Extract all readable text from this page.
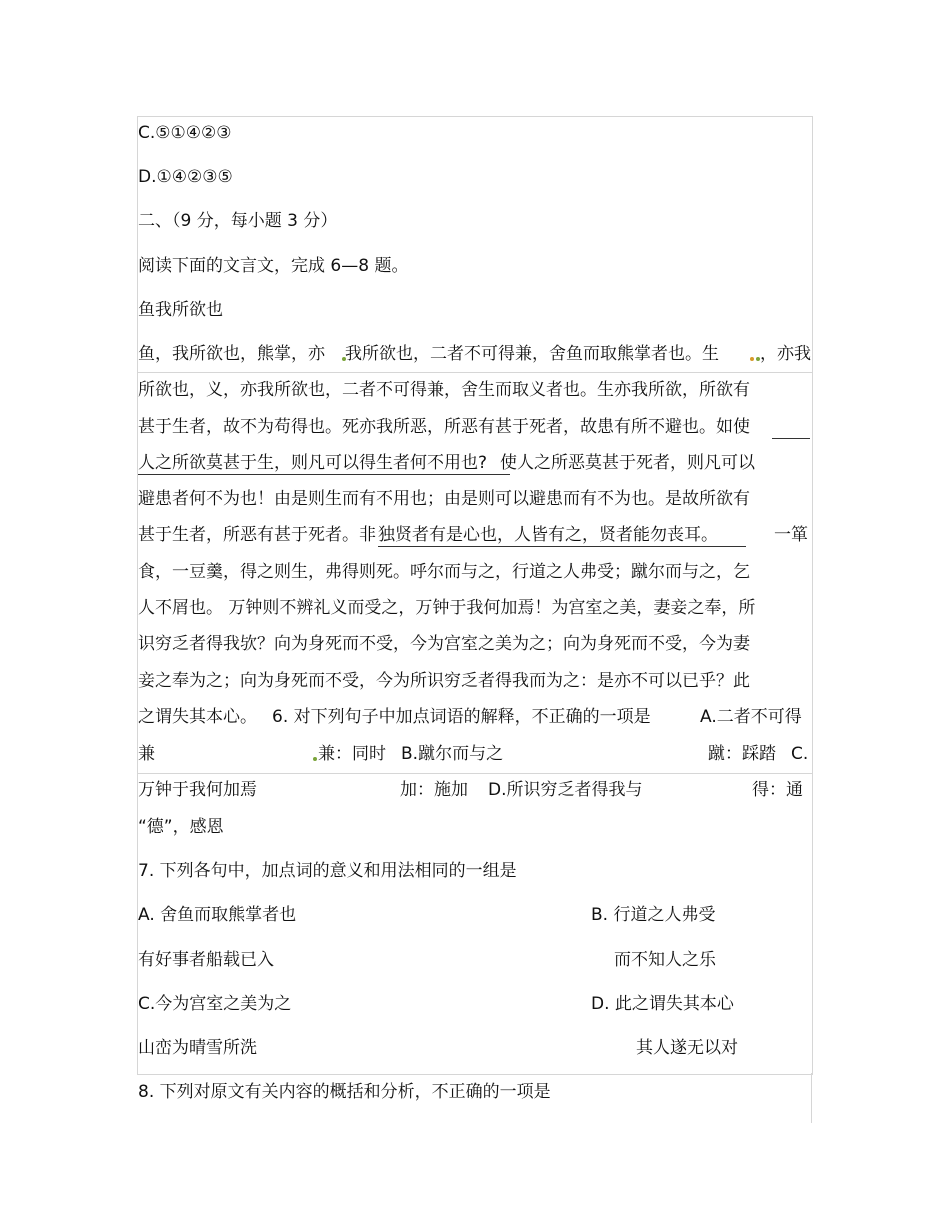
C.⑤①④②③
D.①④②③⑤
二、（9 分，每小题 3 分）
阅读下面的文言文，完成 6—8 题。
鱼我所欲也
鱼，我所欲也，熊掌，亦 我所欲也，二者不可得兼，舍鱼而取熊掌者也。生 ，亦我
所欲也，义，亦我所欲也，二者不可得兼，舍生而取义者也。生亦我所欲，所欲有
甚于生者，故不为苟得也。死亦我所恶，所恶有甚于死者，故患有所不避也。如使
人之所欲莫甚于生，则凡可以得生者何不用也? 使人之所恶莫甚于死者，则凡可以
避患者何不为也！由是则生而有不用也；由是则可以避患而有不为也。是故所欲有
甚于生者，所恶有甚于死者。非 独贤者有是心也，人皆有之，贤者能勿丧耳。	一箪
食，一豆羹，得之则生，弗得则死。呼尔而与之，行道之人弗受；蹴尔而与之，乞
人不屑也。 万钟则不辨礼义而受之，万钟于我何加焉！为宫室之美，妻妾之奉，所
识穷乏者得我欤？向为身死而不受，今为宫室之美为之；向为身死而不受，今为妻
妾之奉为之；向为身死而不受，今为所识穷乏者得我而为之：是亦不可以已乎？此
之谓失其本心。 6. 对下列句子中加点词语的解释，不正确的一项是	A.二者不可得
兼	兼：同时 B.蹴尔而与之	蹴：踩踏 C.
万钟于我何加焉	加：施加 D.所识穷乏者得我与	得：通
“德”，感恩
7. 下列各句中，加点词的意义和用法相同的一组是
A. 舍鱼而取熊掌者也	B. 行道之人弗受
有好事者船载已入	而不知人之乐
C.今为宫室之美为之	D. 此之谓失其本心
山峦为晴雪所洗	其人遂无以对
8. 下列对原文有关内容的概括和分析，不正确的一项是
